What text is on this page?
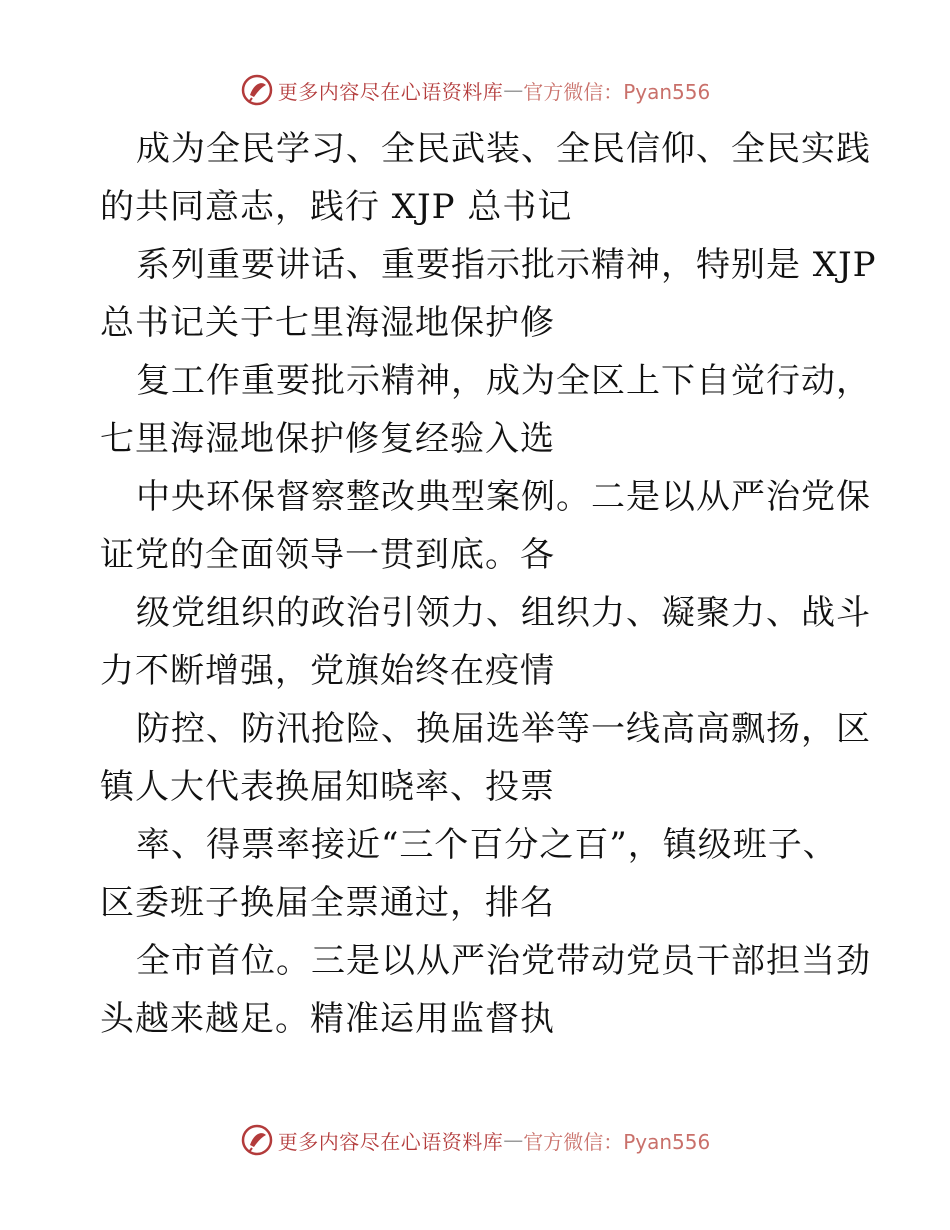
更多内容尽在心语资料库 — 官方微信：Pyan556
成为全民学习、全民武装、全民信仰、全民实践
的共同意志，践行 XJP 总书记
系列重要讲话、重要指示批示精神，特别是 XJP
总书记关于七里海湿地保护修
复工作重要批示精神，成为全区上下自觉行动，
七里海湿地保护修复经验入选
中央环保督察整改典型案例。二是以从严治党保
证党的全面领导一贯到底。各
级党组织的政治引领力、组织力、凝聚力、战斗
力不断增强，党旗始终在疫情
防控、防汛抢险、换届选举等一线高高飘扬，区
镇人大代表换届知晓率、投票
率、得票率接近“三个百分之百”，镇级班子、
区委班子换届全票通过，排名
全市首位。三是以从严治党带动党员干部担当劲
头越来越足。精准运用监督执
更多内容尽在心语资料库 — 官方微信：Pyan556
